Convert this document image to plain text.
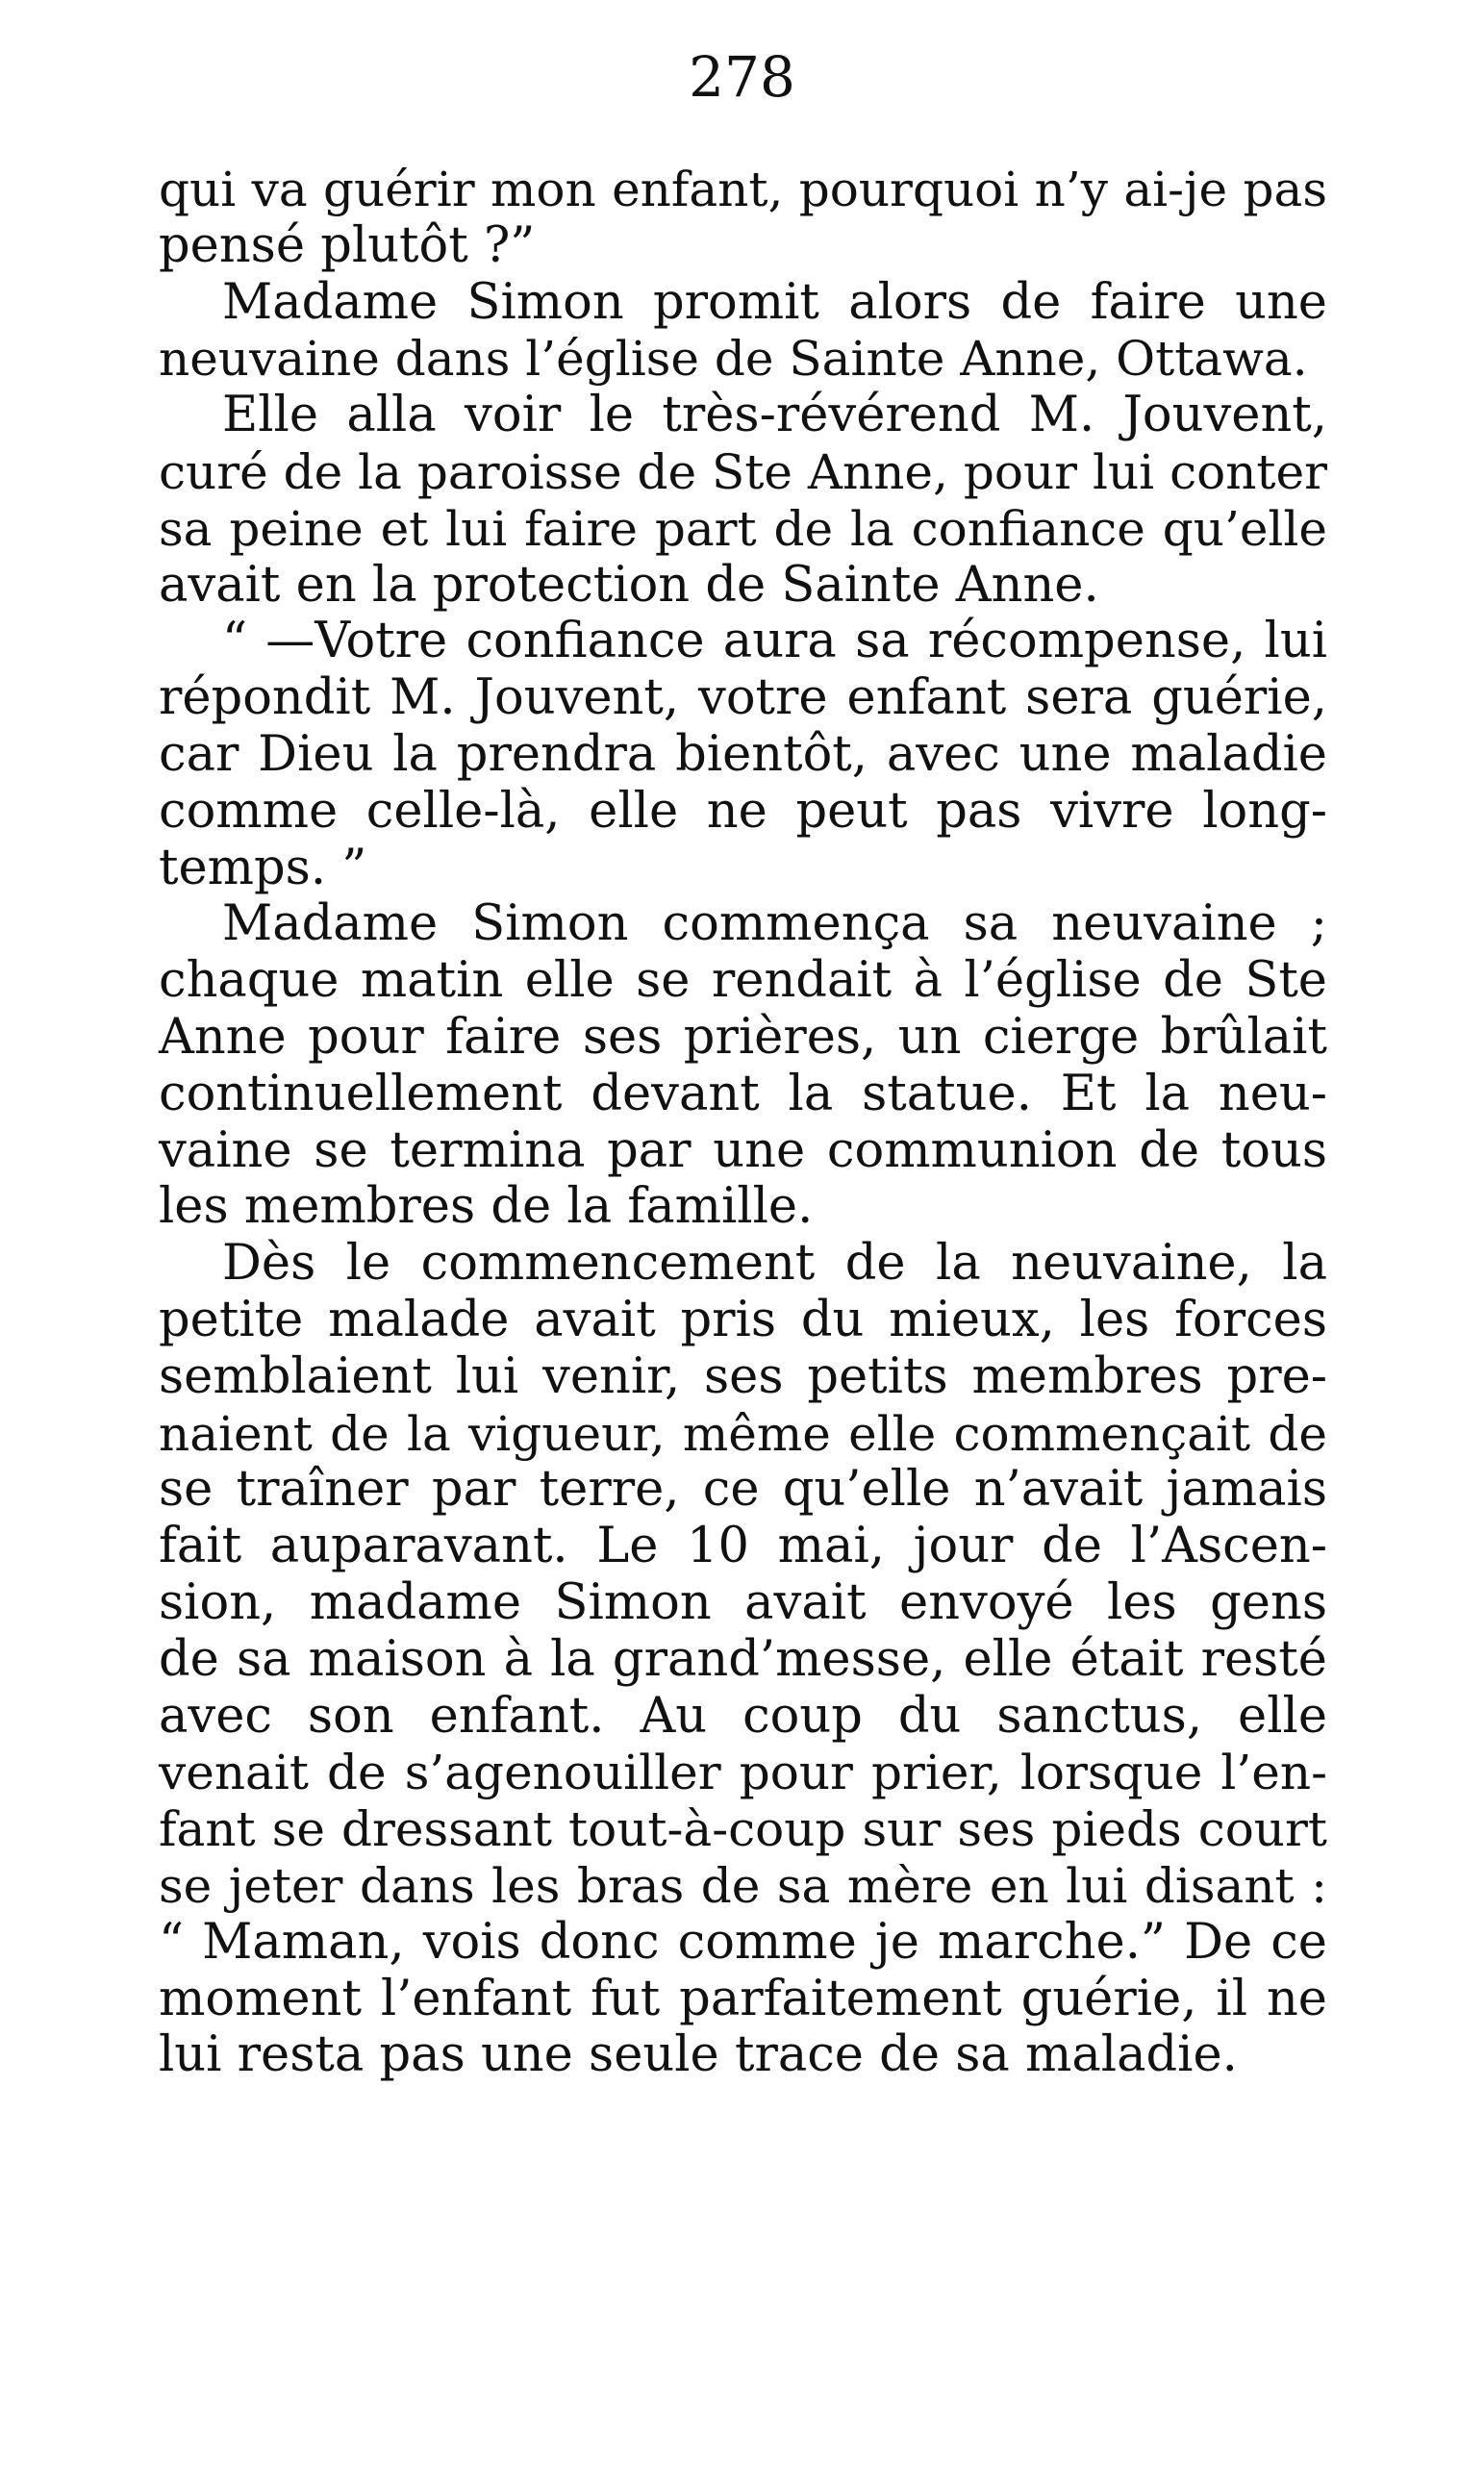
278
qui va guérir mon enfant, pourquoi n’y ai-je pas
pensé plutôt ?”
Madame Simon promit alors de faire une
neuvaine dans l’église de Sainte Anne, Ottawa.
Elle alla voir le très-révérend M. Jouvent,
curé de la paroisse de Ste Anne, pour lui conter
sa peine et lui faire part de la confiance qu’elle
avait en la protection de Sainte Anne.
“ —Votre confiance aura sa récompense, lui
répondit M. Jouvent, votre enfant sera guérie,
car Dieu la prendra bientôt, avec une maladie
comme celle-là, elle ne peut pas vivre long-
temps. ”
Madame Simon commença sa neuvaine ;
chaque matin elle se rendait à l’église de Ste
Anne pour faire ses prières, un cierge brûlait
continuellement devant la statue. Et la neu-
vaine se termina par une communion de tous
les membres de la famille.
Dès le commencement de la neuvaine, la
petite malade avait pris du mieux, les forces
semblaient lui venir, ses petits membres pre-
naient de la vigueur, même elle commençait de
se traîner par terre, ce qu’elle n’avait jamais
fait auparavant. Le 10 mai, jour de l’Ascen-
sion, madame Simon avait envoyé les gens
de sa maison à la grand’messe, elle était resté
avec son enfant. Au coup du sanctus, elle
venait de s’agenouiller pour prier, lorsque l’en-
fant se dressant tout-à-coup sur ses pieds court
se jeter dans les bras de sa mère en lui disant :
“ Maman, vois donc comme je marche.” De ce
moment l’enfant fut parfaitement guérie, il ne
lui resta pas une seule trace de sa maladie.
